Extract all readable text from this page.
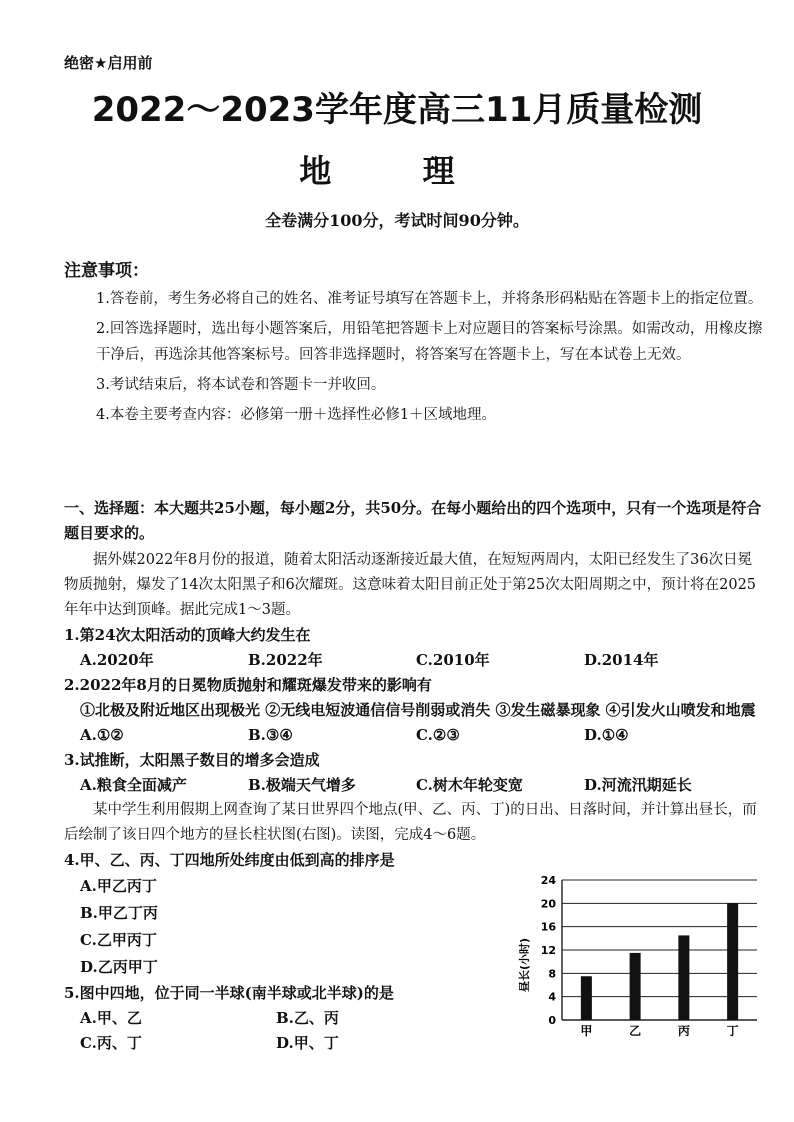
绝密★启用前
2022～2023学年度高三11月质量检测
地 理
全卷满分100分，考试时间90分钟。
注意事项：

1.答卷前，考生务必将自己的姓名、准考证号填写在答题卡上，并将条形码粘贴在答题卡上的指定位置。

2.回答选择题时，选出每小题答案后，用铅笔把答题卡上对应题目的答案标号涂黑。如需改动，用橡皮擦干净后，再选涂其他答案标号。回答非选择题时，将答案写在答题卡上，写在本试卷上无效。

3.考试结束后，将本试卷和答题卡一并收回。

4.本卷主要考查内容：必修第一册＋选择性必修1＋区域地理。

一、选择题：本大题共25小题，每小题2分，共50分。在每小题给出的四个选项中，只有一个选项是符合题目要求的。

据外媒2022年8月份的报道，随着太阳活动逐渐接近最大值，在短短两周内，太阳已经发生了36次日冕物质抛射，爆发了14次太阳黑子和6次耀斑。这意味着太阳目前正处于第25次太阳周期之中，预计将在2025年年中达到顶峰。据此完成1～3题。

1.第24次太阳活动的顶峰大约发生在
A.2020年	B.2022年	C.2010年	D.2014年
2.2022年8月的日冕物质抛射和耀斑爆发带来的影响有
①北极及附近地区出现极光 ②无线电短波通信信号削弱或消失 ③发生磁暴现象 ④引发火山喷发和地震
A.①②	B.③④	C.②③	D.①④
3.试推断，太阳黑子数目的增多会造成
A.粮食全面减产	B.极端天气增多	C.树木年轮变宽	D.河流汛期延长

某中学生利用假期上网查询了某日世界四个地点(甲、乙、丙、丁)的日出、日落时间，并计算出昼长，而后绘制了该日四个地方的昼长柱状图(右图)。读图，完成4～6题。

4.甲、乙、丙、丁四地所处纬度由低到高的排序是
A.甲乙丙丁
B.甲乙丁丙
C.乙甲丙丁
D.乙丙甲丁
5.图中四地，位于同一半球(南半球或北半球)的是
A.甲、乙	B.乙、丙
C.丙、丁	D.甲、丁
甲	乙	丙	丁
0
4
8
12
16
20
24
昼长(小时)
